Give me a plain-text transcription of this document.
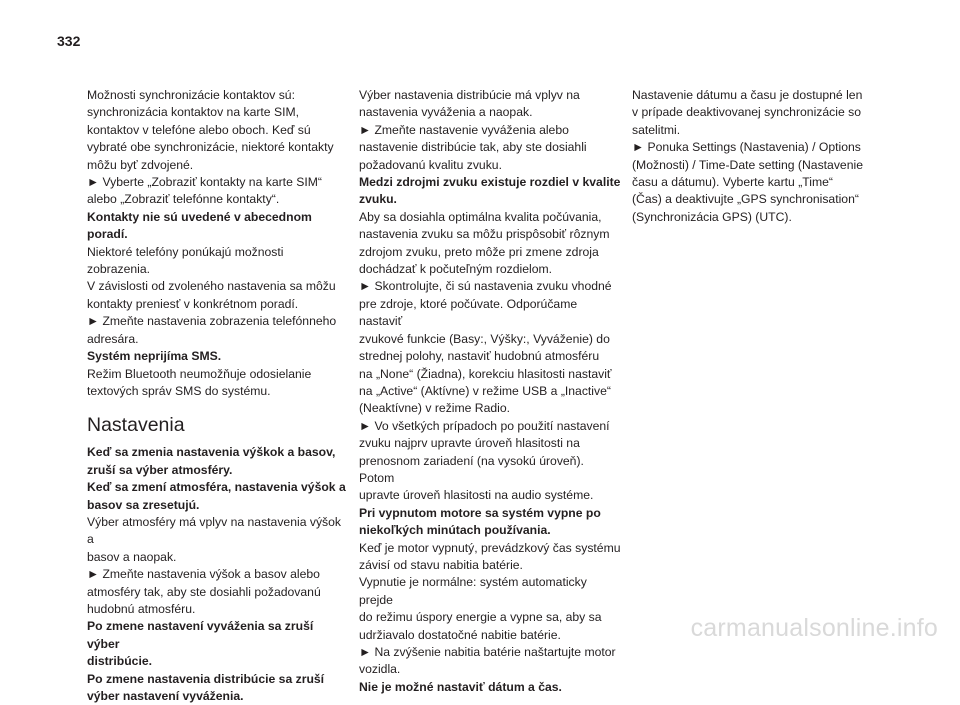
332

Možnosti synchronizácie kontaktov sú:
synchronizácia kontaktov na karte SIM,
kontaktov v telefóne alebo oboch. Keď sú
vybraté obe synchronizácie, niektoré kontakty
môžu byť zdvojené.
► Vyberte „Zobraziť kontakty na karte SIM“
alebo „Zobraziť telefónne kontakty“.

Kontakty nie sú uvedené v abecednom
poradí.

Niektoré telefóny ponúkajú možnosti zobrazenia.
V závislosti od zvoleného nastavenia sa môžu
kontakty preniesť v konkrétnom poradí.
► Zmeňte nastavenia zobrazenia telefónneho
adresára.

Systém neprijíma SMS.

Režim Bluetooth neumožňuje odosielanie
textových správ SMS do systému.

Nastavenia

Keď sa zmenia nastavenia výškok a basov,
zruší sa výber atmosféry.
Keď sa zmení atmosféra, nastavenia výšok a
basov sa zresetujú.

Výber atmosféry má vplyv na nastavenia výšok a
basov a naopak.
► Zmeňte nastavenia výšok a basov alebo
atmosféry tak, aby ste dosiahli požadovanú
hudobnú atmosféru.

Po zmene nastavení vyváženia sa zruší výber
distribúcie.
Po zmene nastavenia distribúcie sa zruší
výber nastavení vyváženia.

Výber nastavenia distribúcie má vplyv na
nastavenia vyváženia a naopak.
► Zmeňte nastavenie vyváženia alebo
nastavenie distribúcie tak, aby ste dosiahli
požadovanú kvalitu zvuku.

Medzi zdrojmi zvuku existuje rozdiel v kvalite
zvuku.

Aby sa dosiahla optimálna kvalita počúvania,
nastavenia zvuku sa môžu prispôsobiť rôznym
zdrojom zvuku, preto môže pri zmene zdroja
dochádzať k počuteľným rozdielom.
► Skontrolujte, či sú nastavenia zvuku vhodné
pre zdroje, ktoré počúvate. Odporúčame nastaviť
zvukové funkcie (Basy:, Výšky:, Vyváženie) do
strednej polohy, nastaviť hudobnú atmosféru
na „None“ (Žiadna), korekciu hlasitosti nastaviť
na „Active“ (Aktívne) v režime USB a „Inactive“
(Neaktívne) v režime Radio.
► Vo všetkých prípadoch po použití nastavení
zvuku najprv upravte úroveň hlasitosti na
prenosnom zariadení (na vysokú úroveň). Potom
upravte úroveň hlasitosti na audio systéme.

Pri vypnutom motore sa systém vypne po
niekoľkých minútach používania.

Keď je motor vypnutý, prevádzkový čas systému
závisí od stavu nabitia batérie.
Vypnutie je normálne: systém automaticky prejde
do režimu úspory energie a vypne sa, aby sa
udržiavalo dostatočné nabitie batérie.
► Na zvýšenie nabitia batérie naštartujte motor
vozidla.

Nie je možné nastaviť dátum a čas.

Nastavenie dátumu a času je dostupné len
v prípade deaktivovanej synchronizácie so
satelitmi.
► Ponuka Settings (Nastavenia) / Options
(Možnosti) / Time-Date setting (Nastavenie
času a dátumu). Vyberte kartu „Time“
(Čas) a deaktivujte „GPS synchronisation“
(Synchronizácia GPS) (UTC).

carmanualsonline.info
